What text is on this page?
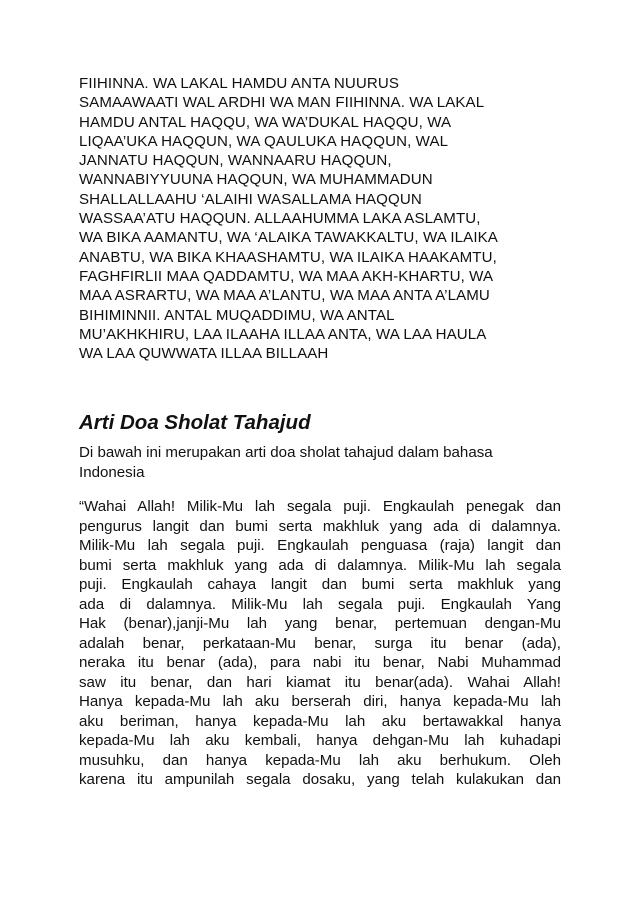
FIIHINNA. WA LAKAL HAMDU ANTA NUURUS
SAMAAWAATI WAL ARDHI WA MAN FIIHINNA. WA LAKAL
HAMDU ANTAL HAQQU, WA WA’DUKAL HAQQU, WA
LIQAA’UKA HAQQUN, WA QAULUKA HAQQUN, WAL
JANNATU HAQQUN, WANNAARU HAQQUN,
WANNABIYYUUNA HAQQUN, WA MUHAMMADUN
SHALLALLAAHU ‘ALAIHI WASALLAMA HAQQUN
WASSAA’ATU HAQQUN. ALLAAHUMMA LAKA ASLAMTU,
WA BIKA AAMANTU, WA ‘ALAIKA TAWAKKALTU, WA ILAIKA
ANABTU, WA BIKA KHAASHAMTU, WA ILAIKA HAAKAMTU,
FAGHFIRLII MAA QADDAMTU, WA MAA AKH-KHARTU, WA
MAA ASRARTU, WA MAA A’LANTU, WA MAA ANTA A’LAMU
BIHIMINNII. ANTAL MUQADDIMU, WA ANTAL
MU’AKHKHIRU, LAA ILAAHA ILLAA ANTA, WA LAA HAULA
WA LAA QUWWATA ILLAA BILLAAH
Arti Doa Sholat Tahajud
Di bawah ini merupakan arti doa sholat tahajud dalam bahasa
Indonesia
“Wahai Allah! Milik-Mu lah segala puji. Engkaulah penegak dan
pengurus langit dan bumi serta makhluk yang ada di dalamnya.
Milik-Mu lah segala puji. Engkaulah penguasa (raja) langit dan
bumi serta makhluk yang ada di dalamnya. Milik-Mu lah segala
puji. Engkaulah cahaya langit dan bumi serta makhluk yang
ada di dalamnya. Milik-Mu lah segala puji. Engkaulah Yang
Hak (benar),janji-Mu lah yang benar, pertemuan dengan-Mu
adalah benar, perkataan-Mu benar, surga itu benar (ada),
neraka itu benar (ada), para nabi itu benar, Nabi Muhammad
saw itu benar, dan hari kiamat itu benar(ada). Wahai Allah!
Hanya kepada-Mu lah aku berserah diri, hanya kepada-Mu lah
aku beriman, hanya kepada-Mu lah aku bertawakkal hanya
kepada-Mu lah aku kembali, hanya dehgan-Mu lah kuhadapi
musuhku, dan hanya kepada-Mu lah aku berhukum. Oleh
karena itu ampunilah segala dosaku, yang telah kulakukan dan
